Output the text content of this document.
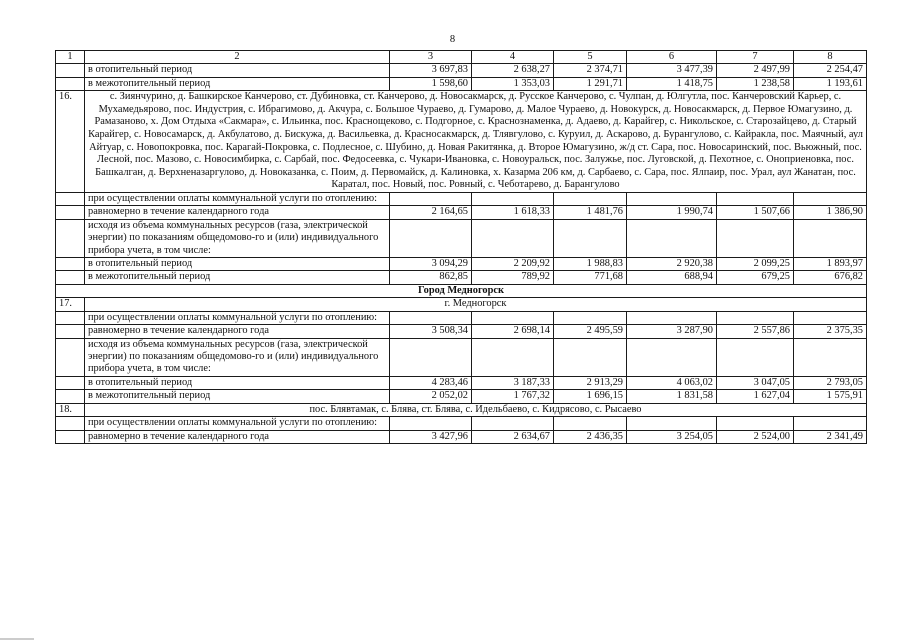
8
1	2	3	4	5	6	7	8
	в отопительный период	3 697,83	2 638,27	2 374,71	3 477,39	2 497,99	2 254,47
	в межотопительный период	1 598,60	1 353,03	1 291,71	1 418,75	1 238,58	1 193,61
16.	с. Зиянчурино, д. Башкирское Канчерово, ст. Дубиновка, ст. Канчерово, д. Новосакмарск, д. Русское Канчерово, с. Чулпан, д. Юлгутла, пос. Канчеровский Карьер, с. Мухамедьярово, пос. Индустрия, с. Ибрагимово, д. Акчура, с. Большое Чураево, д. Гумарово, д. Малое Чураево, д. Новокурск, д. Новосакмарск, д. Первое Юмагузино, д. Рамазаново, х. Дом Отдыха «Сакмара», с. Ильинка, пос. Краснощеково, с. Подгорное, с. Краснознаменка, д. Адаево, д. Карайгер, с. Никольское, с. Старозайцево, д. Старый Карайгер, с. Новосамарск, д. Акбулатово, д. Бискужа, д. Васильевка, д. Красносакмарск, д. Тлявгулово, с. Куруил, д. Аскарово, д. Бурангулово, с. Кайракла, пос. Маячный, аул Айтуар, с. Новопокровка, пос. Карагай-Покровка, с. Подлесное, с. Шубино, д. Новая Ракитянка, д. Второе Юмагузино, ж/д ст. Сара, пос. Новосаринский, пос. Вьюжный, пос. Лесной, пос. Мазово, с. Новосимбирка, с. Сарбай, пос. Федосеевка, с. Чукари-Ивановка, с. Новоуральск, пос. Залужье, пос. Луговской, д. Пехотное, с. Оноприеновка, пос. Башкалган, д. Верхненазаргулово, д. Новоказанка, с. Поим, д. Первомайск, д. Калиновка, х. Казарма 206 км, д. Сарбаево, с. Сара, пос. Ялпаир, пос. Урал, аул Жанатан, пос. Каратал, пос. Новый, пос. Ровный, с. Чеботарево, д. Барангулово						
	при осуществлении оплаты коммунальной услуги по отоплению:						
	равномерно в течение календарного года	2 164,65	1 618,33	1 481,76	1 990,74	1 507,66	1 386,90
	исходя из объема коммунальных ресурсов (газа, электрической энергии) по показаниям общедомово-го и (или) индивидуального прибора учета, в том числе:						
	в отопительный период	3 094,29	2 209,92	1 988,83	2 920,38	2 099,25	1 893,97
	в межотопительный период	862,85	789,92	771,68	688,94	679,25	676,82
Город Медногорск							
17.	г. Медногорск						
	при осуществлении оплаты коммунальной услуги по отоплению:						
	равномерно в течение календарного года	3 508,34	2 698,14	2 495,59	3 287,90	2 557,86	2 375,35
	исходя из объема коммунальных ресурсов (газа, электрической энергии) по показаниям общедомово-го и (или) индивидуального прибора учета, в том числе:						
	в отопительный период	4 283,46	3 187,33	2 913,29	4 063,02	3 047,05	2 793,05
	в межотопительный период	2 052,02	1 767,32	1 696,15	1 831,58	1 627,04	1 575,91
18.	пос. Блявтамак, с. Блява, ст. Блява, с. Идельбаево, с. Кидрясово, с. Рысаево						
	при осуществлении оплаты коммунальной услуги по отоплению:						
	равномерно в течение календарного года	3 427,96	2 634,67	2 436,35	3 254,05	2 524,00	2 341,49
